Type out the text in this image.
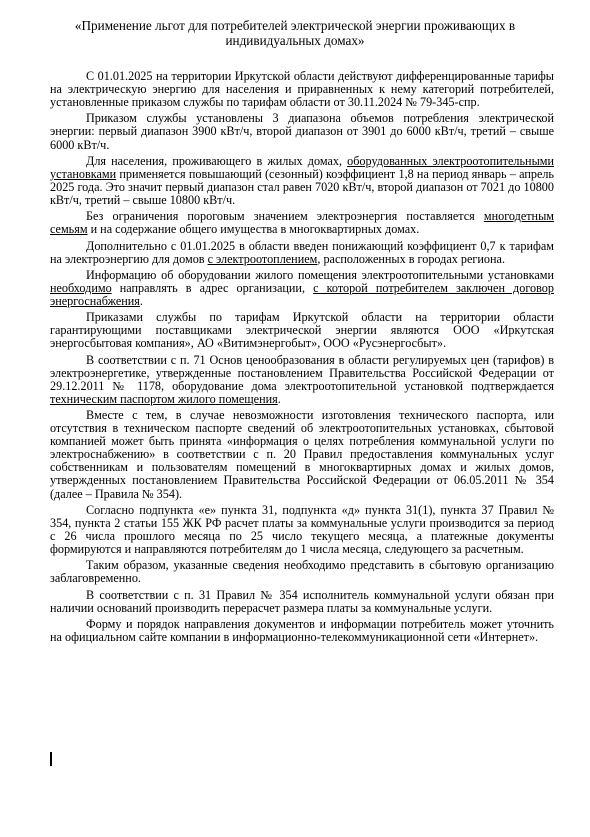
«Применение льгот для потребителей электрической энергии проживающих в индивидуальных домах»

С 01.01.2025 на территории Иркутской области действуют дифференцированные тарифы на электрическую энергию для населения и приравненных к нему категорий потребителей, установленные приказом службы по тарифам области от 30.11.2024 № 79-345-спр.

Приказом службы установлены 3 диапазона объемов потребления электрической энергии: первый диапазон 3900 кВт/ч, второй диапазон от 3901 до 6000 кВт/ч, третий – свыше 6000 кВт/ч.

Для населения, проживающего в жилых домах, оборудованных электроотопительными установками применяется повышающий (сезонный) коэффициент 1,8 на период январь – апрель 2025 года. Это значит первый диапазон стал равен 7020 кВт/ч, второй диапазон от 7021 до 10800 кВт/ч, третий – свыше 10800 кВт/ч.

Без ограничения пороговым значением электроэнергия поставляется многодетным семьям и на содержание общего имущества в многоквартирных домах.

Дополнительно с 01.01.2025 в области введен понижающий коэффициент 0,7 к тарифам на электроэнергию для домов с электроотоплением, расположенных в городах региона.

Информацию об оборудовании жилого помещения электроотопительными установками необходимо направлять в адрес организации, с которой потребителем заключен договор энергоснабжения.

Приказами службы по тарифам Иркутской области на территории области гарантирующими поставщиками электрической энергии являются ООО «Иркутская энергосбытовая компания», АО «Витимэнергобыт», ООО «Русэнергосбыт».

В соответствии с п. 71 Основ ценообразования в области регулируемых цен (тарифов) в электроэнергетике, утвержденные постановлением Правительства Российской Федерации от 29.12.2011 № 1178, оборудование дома электроотопительной установкой подтверждается техническим паспортом жилого помещения.

Вместе с тем, в случае невозможности изготовления технического паспорта, или отсутствия в техническом паспорте сведений об электроотопительных установках, сбытовой компанией может быть принята «информация о целях потребления коммунальной услуги по электроснабжению» в соответствии с п. 20 Правил предоставления коммунальных услуг собственникам и пользователям помещений в многоквартирных домах и жилых домов, утвержденных постановлением Правительства Российской Федерации от 06.05.2011 № 354 (далее – Правила № 354).

Согласно подпункта «е» пункта 31, подпункта «д» пункта 31(1), пункта 37 Правил № 354, пункта 2 статьи 155 ЖК РФ расчет платы за коммунальные услуги производится за период с 26 числа прошлого месяца по 25 число текущего месяца, а платежные документы формируются и направляются потребителям до 1 числа месяца, следующего за расчетным.

Таким образом, указанные сведения необходимо представить в сбытовую организацию заблаговременно.

В соответствии с п. 31 Правил № 354 исполнитель коммунальной услуги обязан при наличии оснований производить перерасчет размера платы за коммунальные услуги.

Форму и порядок направления документов и информации потребитель может уточнить на официальном сайте компании в информационно-телекоммуникационной сети «Интернет».
